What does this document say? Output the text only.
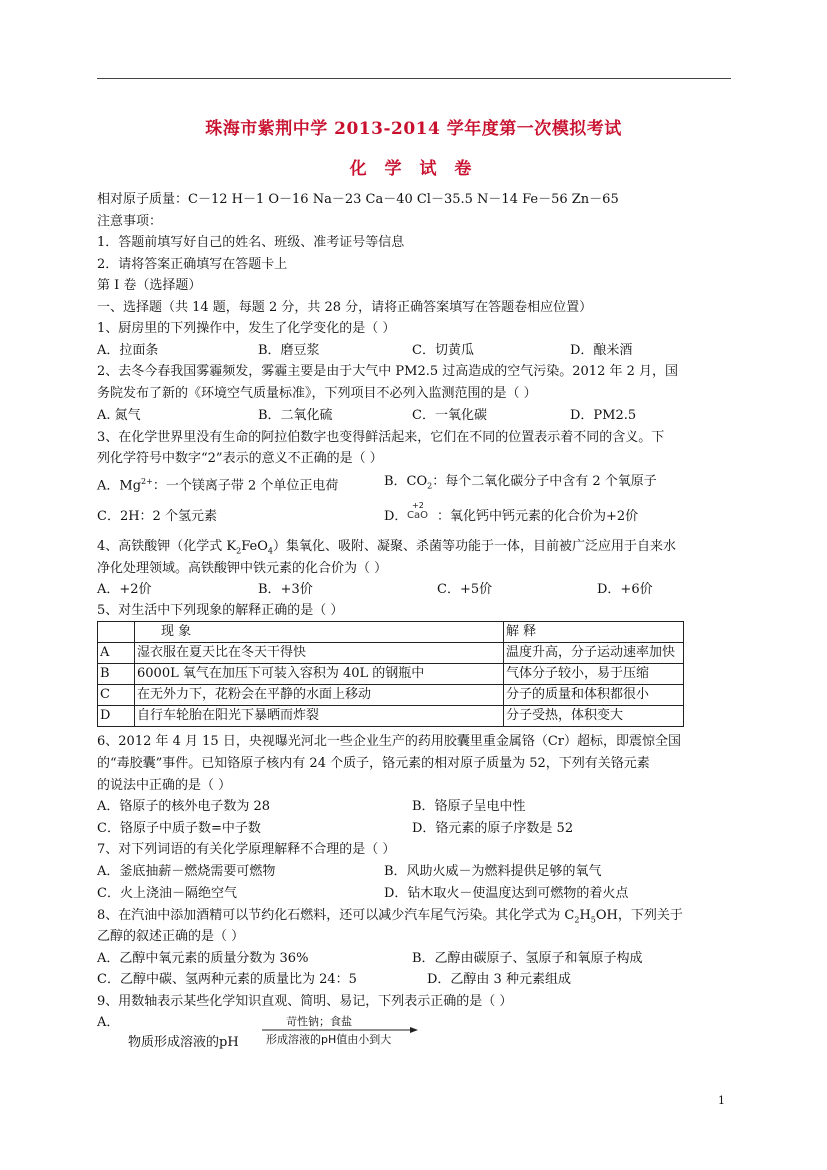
珠海市紫荆中学 2013-2014 学年度第一次模拟考试
化 学 试 卷
相对原子质量：C－12 H－1 O－16 Na－23 Ca－40 Cl－35.5 N－14 Fe－56 Zn－65
注意事项：
1．答题前填写好自己的姓名、班级、准考证号等信息
2．请将答案正确填写在答题卡上
第 I 卷（选择题）
一、选择题（共 14 题，每题 2 分，共 28 分，请将正确答案填写在答题卷相应位置）
1、厨房里的下列操作中，发生了化学变化的是（ ）
A．拉面条	B．磨豆浆	C．切黄瓜	D．酿米酒
2、去冬今春我国雾霾频发，雾霾主要是由于大气中 PM2.5 过高造成的空气污染。2012 年 2 月，国
务院发布了新的《环境空气质量标准》，下列项目不必列入监测范围的是（ ）
A. 氮气	B．二氧化硫	C．一氧化碳	D．PM2.5
3、在化学世界里没有生命的阿拉伯数字也变得鲜活起来，它们在不同的位置表示着不同的含义。下
列化学符号中数字“2”表示的意义不正确的是（ ）
A．$Mg^{2+}$：一个镁离子带 2 个单位正电荷	B．$CO_2$：每个二氧化碳分子中含有 2 个氧原子
C．2H：2 个氢元素	D．
+2
CaO ：氧化钙中钙元素的化合价为+2价
4、高铁酸钾（化学式 $K_2FeO_4$）集氧化、吸附、凝聚、杀菌等功能于一体，目前被广泛应用于自来水
净化处理领域。高铁酸钾中铁元素的化合价为（ ）
A．+2价	B．+3价	C．+5价	D．+6价
5、对生活中下列现象的解释正确的是（ ）
	现 象	解 释
A	湿衣服在夏天比在冬天干得快	温度升高，分子运动速率加快
B	6000L 氧气在加压下可装入容积为 40L 的钢瓶中	气体分子较小，易于压缩
C	在无外力下，花粉会在平静的水面上移动	分子的质量和体积都很小
D	自行车轮胎在阳光下暴晒而炸裂	分子受热，体积变大
6、2012 年 4 月 15 日，央视曝光河北一些企业生产的药用胶囊里重金属铬（Cr）超标，即震惊全国
的“毒胶囊”事件。已知铬原子核内有 24 个质子，铬元素的相对原子质量为 52，下列有关铬元素
的说法中正确的是（ ）
A．铬原子的核外电子数为 28	B．铬原子呈电中性
C．铬原子中质子数=中子数	D．铬元素的原子序数是 52
7、对下列词语的有关化学原理解释不合理的是（ ）
A．釜底抽薪－燃烧需要可燃物	B．风助火威－为燃料提供足够的氧气
C．火上浇油－隔绝空气	D．钻木取火－使温度达到可燃物的着火点
8、在汽油中添加酒精可以节约化石燃料，还可以减少汽车尾气污染。其化学式为 $C_2H_5OH$，下列关于
乙醇的叙述正确的是（ ）
A．乙醇中氧元素的质量分数为 36%	B．乙醇由碳原子、氢原子和氧原子构成
C．乙醇中碳、氢两种元素的质量比为 24：5	D．乙醇由 3 种元素组成
9、用数轴表示某些化学知识直观、简明、易记，下列表示正确的是（ ）
A．
物质形成溶液的pH
苛性钠；食盐
形成溶液的pH值由小到大
1
